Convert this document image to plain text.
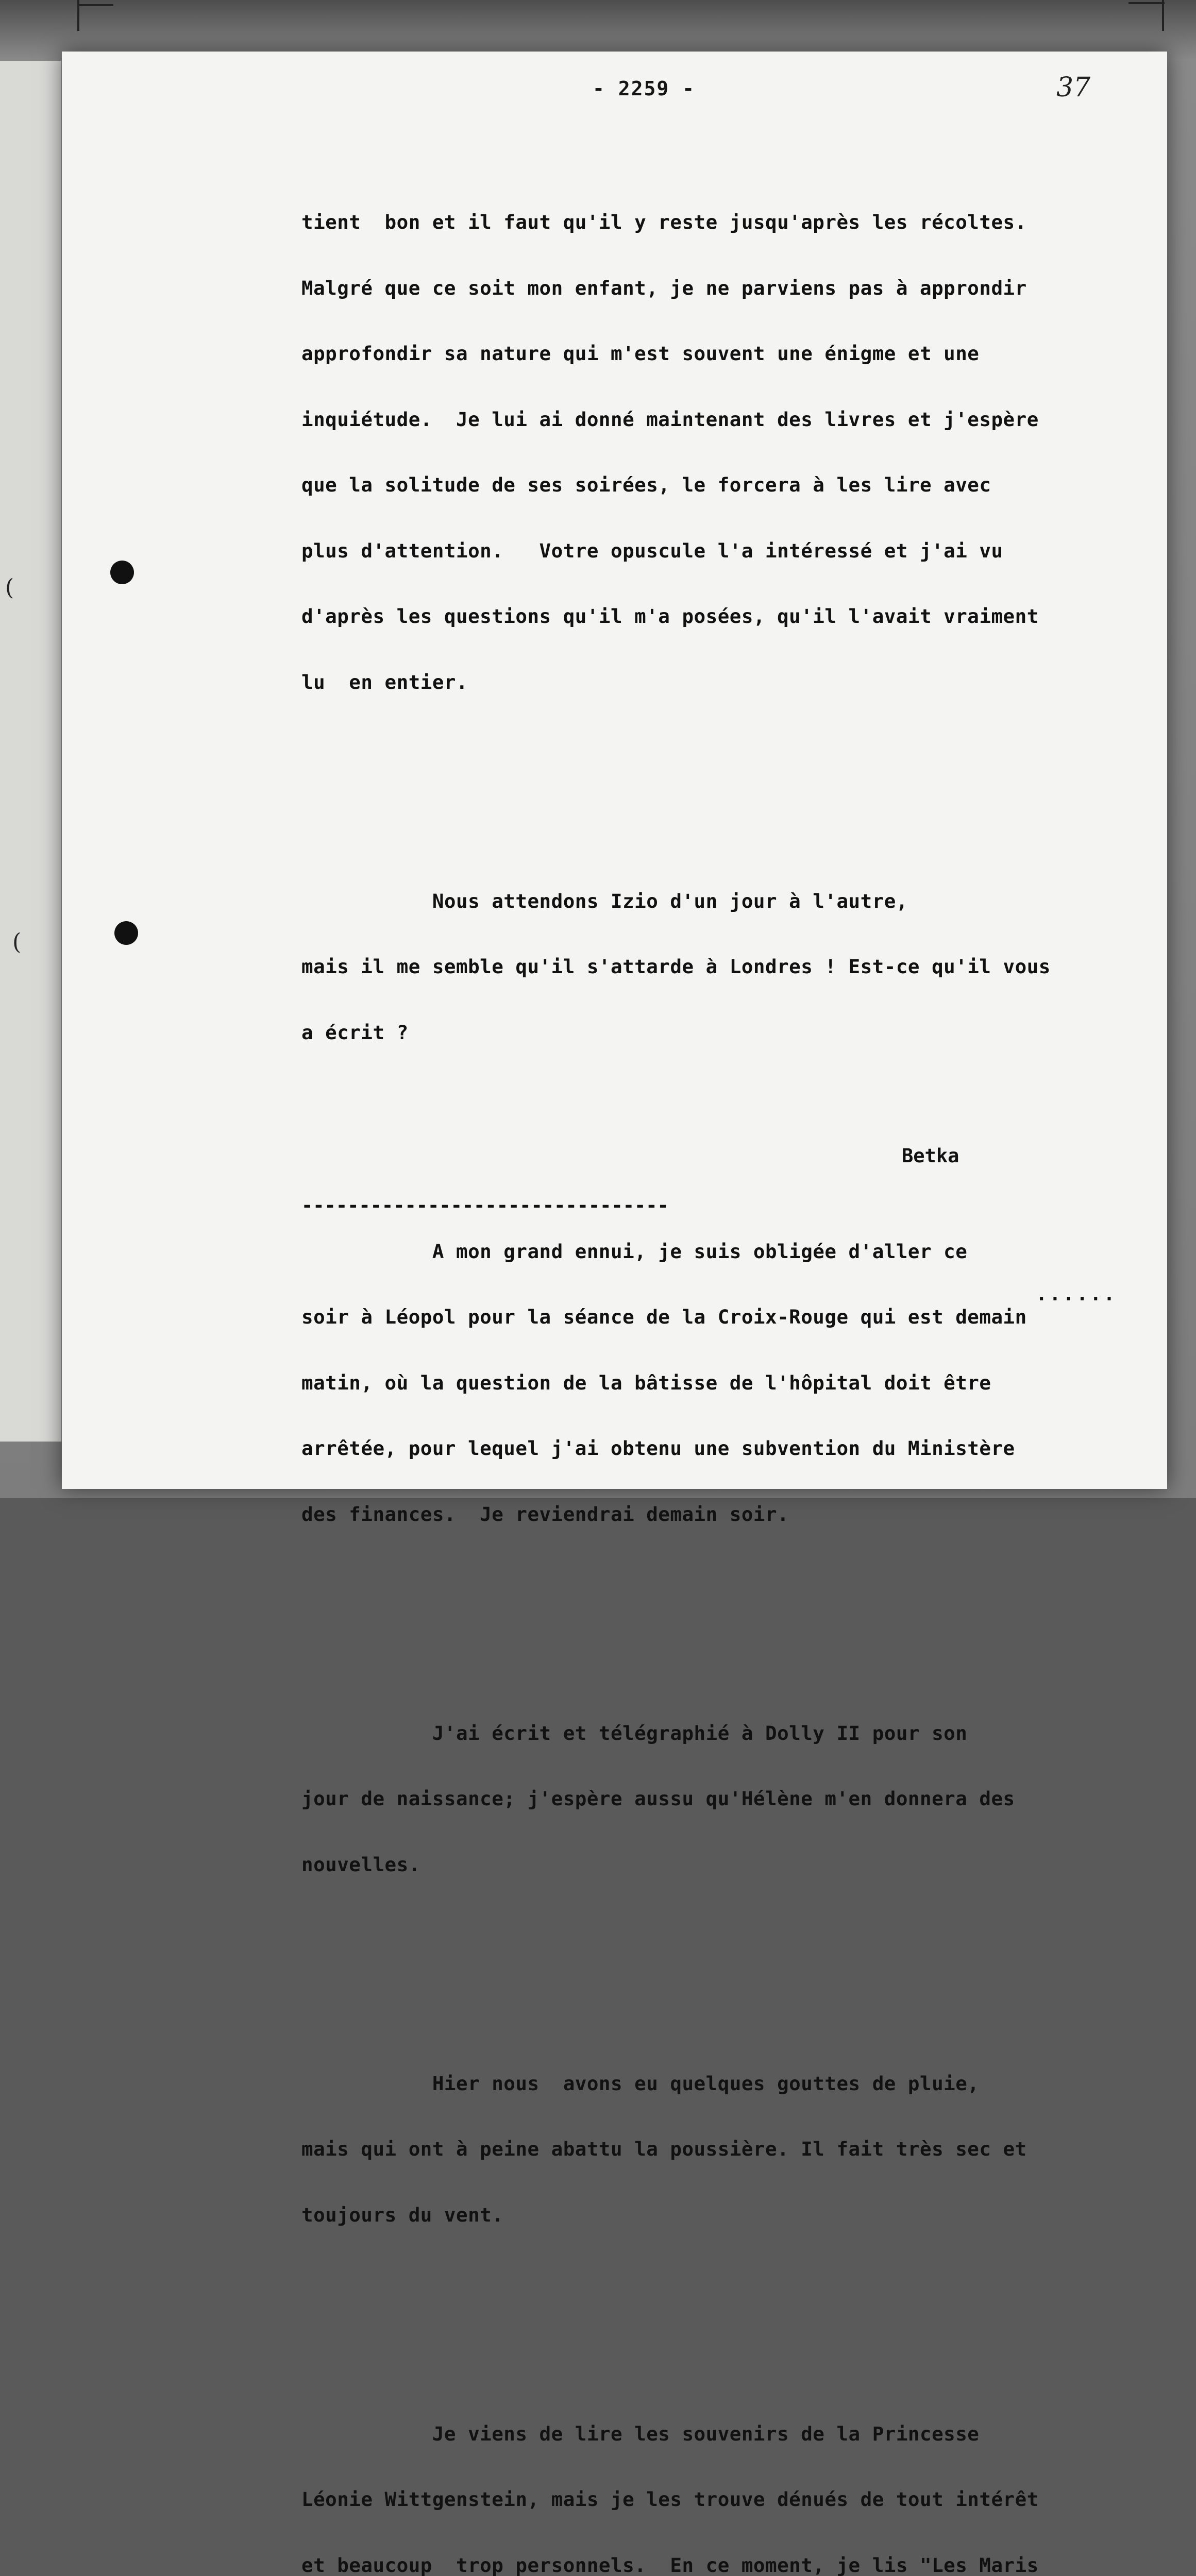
(
(
- 2259 -	37

tient  bon et il faut qu'il y reste jusqu'après les récoltes.

Malgré que ce soit mon enfant, je ne parviens pas à approndir

approfondir sa nature qui m'est souvent une énigme et une

inquiétude.  Je lui ai donné maintenant des livres et j'espère

que la solitude de ses soirées, le forcera à les lire avec

plus d'attention.   Votre opuscule l'a intéressé et j'ai vu

d'après les questions qu'il m'a posées, qu'il l'avait vraiment

lu  en entier.

Nous attendons Izio d'un jour à l'autre,

mais il me semble qu'il s'attarde à Londres ! Est-ce qu'il vous

a écrit ?

A mon grand ennui, je suis obligée d'aller ce

soir à Léopol pour la séance de la Croix-Rouge qui est demain

matin, où la question de la bâtisse de l'hôpital doit être

arrêtée, pour lequel j'ai obtenu une subvention du Ministère

des finances.  Je reviendrai demain soir.

J'ai écrit et télégraphié à Dolly II pour son

jour de naissance; j'espère aussu qu'Hélène m'en donnera des

nouvelles.

Hier nous  avons eu quelques gouttes de pluie,

mais qui ont à peine abattu la poussière. Il fait très sec et

toujours du vent.

Je viens de lire les souvenirs de la Princesse

Léonie Wittgenstein, mais je les trouve dénués de tout intérêt

et beaucoup  trop personnels.  En ce moment, je lis "Les Maris

Betka
--------------------------------
......
